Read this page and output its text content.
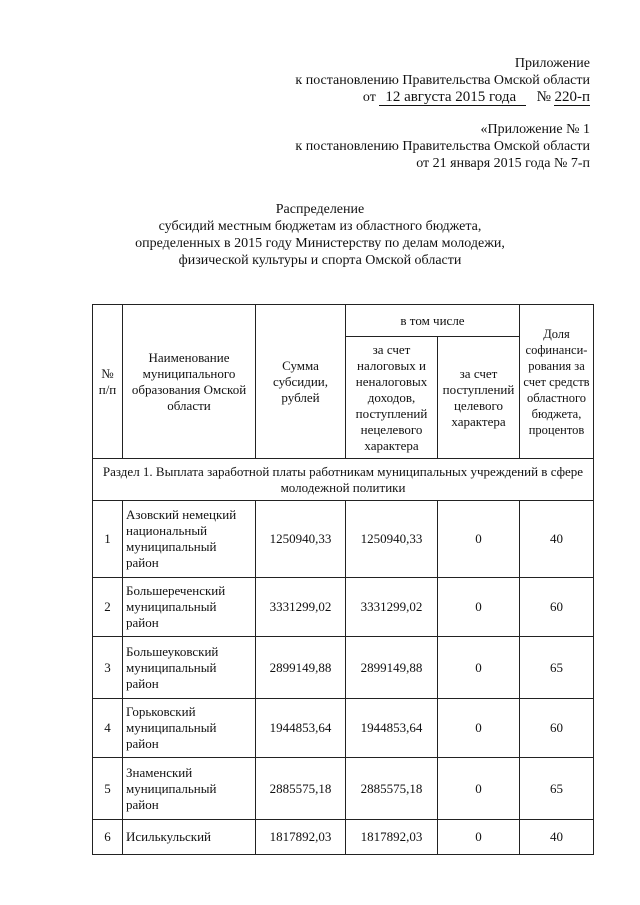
Приложение
к постановлению Правительства Омской области
от 12 августа 2015 года № 220-п
«Приложение № 1
к постановлению Правительства Омской области
от 21 января 2015 года № 7-п
Распределение
субсидий местным бюджетам из областного бюджета,
определенных в 2015 году Министерству по делам молодежи,
физической культуры и спорта Омской области
№ п/п	Наименование муниципального образования Омской области	Сумма субсидии, рублей	в том числе		Доля софинанси-рования за счет средств областного бюджета, процентов
			за счет налоговых и неналоговых доходов, поступлений нецелевого характера	за счет поступлений целевого характера	
Раздел 1. Выплата заработной платы работникам муниципальных учреждений в сфере молодежной политики					
1	Азовский немецкий национальный муниципальный район	1250940,33	1250940,33	0	40
2	Большереченский муниципальный район	3331299,02	3331299,02	0	60
3	Большеуковский муниципальный район	2899149,88	2899149,88	0	65
4	Горьковский муниципальный район	1944853,64	1944853,64	0	60
5	Знаменский муниципальный район	2885575,18	2885575,18	0	65
6	Исилькульский	1817892,03	1817892,03	0	40
